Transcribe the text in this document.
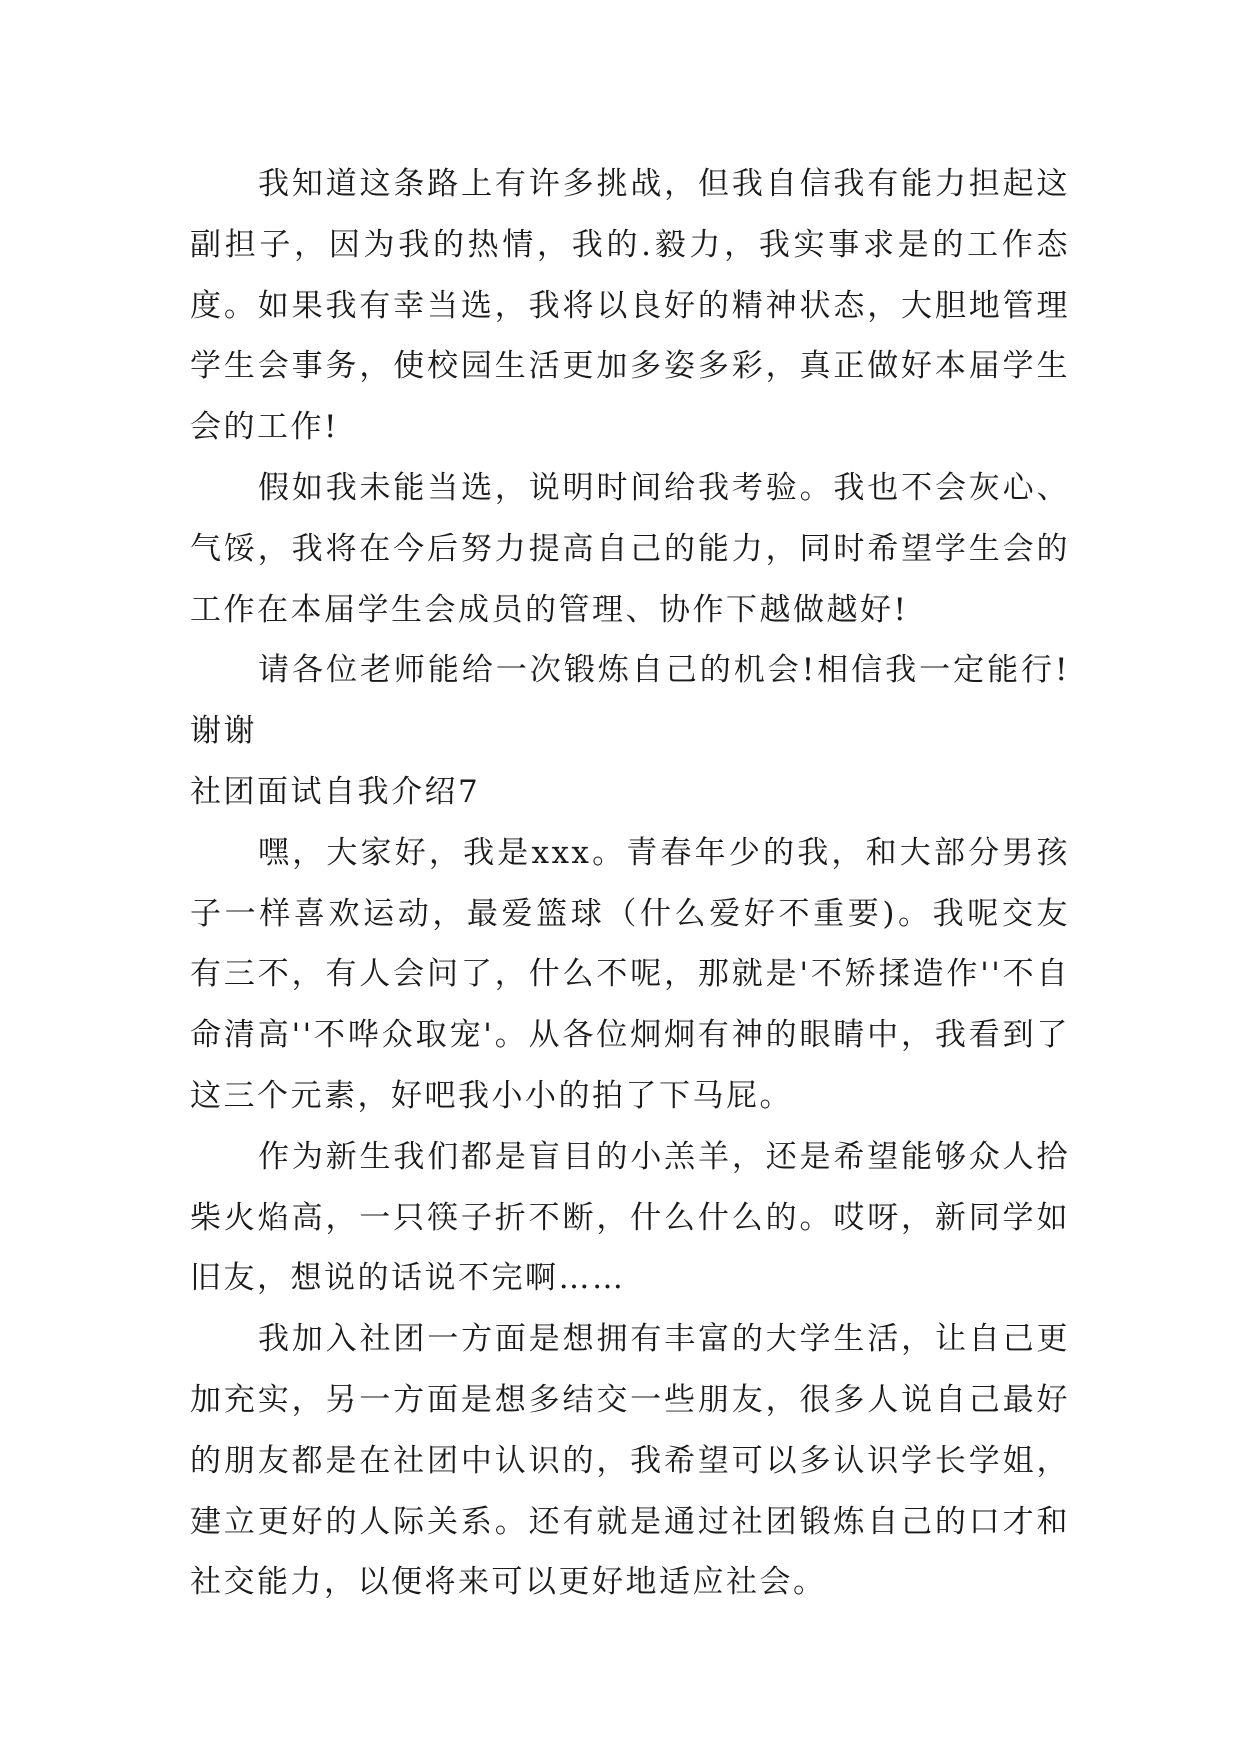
我知道这条路上有许多挑战，但我自信我有能力担起这副担子，因为我的热情，我的.毅力，我实事求是的工作态度。如果我有幸当选，我将以良好的精神状态，大胆地管理学生会事务，使校园生活更加多姿多彩，真正做好本届学生会的工作!

假如我未能当选，说明时间给我考验。我也不会灰心、气馁，我将在今后努力提高自己的能力，同时希望学生会的工作在本届学生会成员的管理、协作下越做越好!

请各位老师能给一次锻炼自己的机会!相信我一定能行!谢谢

社团面试自我介绍7

嘿，大家好，我是xxx。青春年少的我，和大部分男孩子一样喜欢运动，最爱篮球（什么爱好不重要)。我呢交友有三不，有人会问了，什么不呢，那就是'不矫揉造作''不自命清高''不哗众取宠'。从各位炯炯有神的眼睛中，我看到了这三个元素，好吧我小小的拍了下马屁。

作为新生我们都是盲目的小羔羊，还是希望能够众人拾柴火焰高，一只筷子折不断，什么什么的。哎呀，新同学如旧友，想说的话说不完啊……

我加入社团一方面是想拥有丰富的大学生活，让自己更加充实，另一方面是想多结交一些朋友，很多人说自己最好的朋友都是在社团中认识的，我希望可以多认识学长学姐，建立更好的人际关系。还有就是通过社团锻炼自己的口才和社交能力，以便将来可以更好地适应社会。
